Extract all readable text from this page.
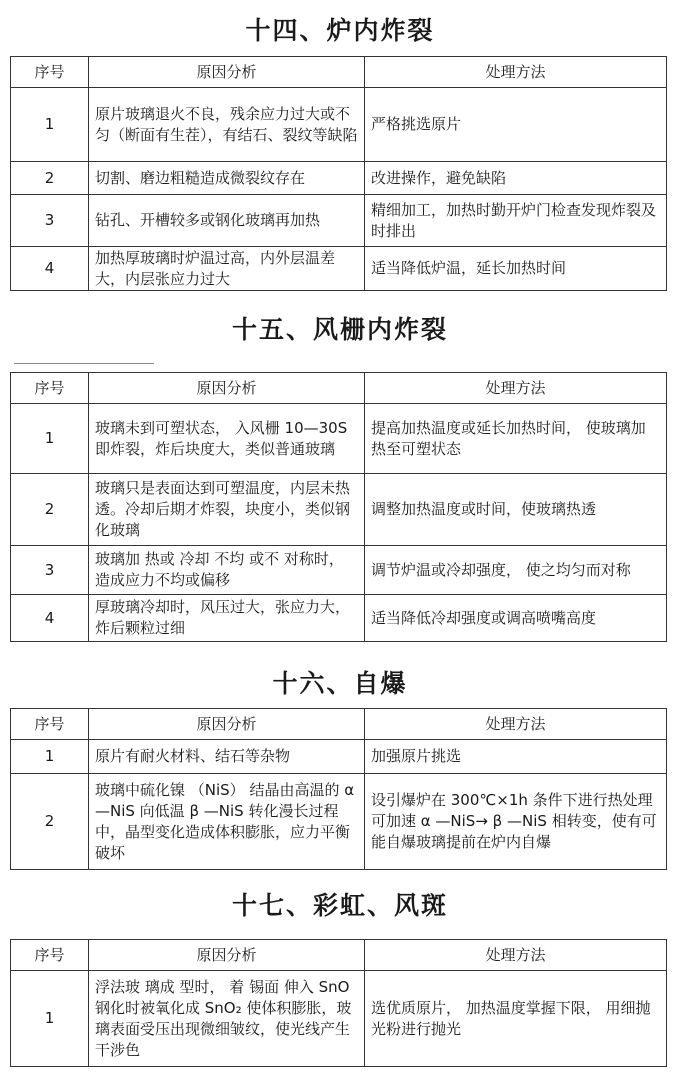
十四、炉内炸裂
序号	原因分析	处理方法
1	原片玻璃退火不良，残余应力过大或不匀（断面有生茬），有结石、裂纹等缺陷	严格挑选原片
2	切割、磨边粗糙造成微裂纹存在	改进操作，避免缺陷
3	钻孔、开槽较多或钢化玻璃再加热	精细加工，加热时勤开炉门检查发现炸裂及时排出
4	加热厚玻璃时炉温过高，内外层温差大，内层张应力过大	适当降低炉温，延长加热时间
十五、风栅内炸裂
序号	原因分析	处理方法
1	玻璃未到可塑状态， 入风栅 10—30S 即炸裂，炸后块度大，类似普通玻璃	提高加热温度或延长加热时间， 使玻璃加热至可塑状态
2	玻璃只是表面达到可塑温度，内层未热透。冷却后期才炸裂，块度小，类似钢化玻璃	调整加热温度或时间，使玻璃热透
3	玻璃加 热或 冷却 不均 或不 对称时，造成应力不均或偏移	调节炉温或冷却强度， 使之均匀而对称
4	厚玻璃冷却时，风压过大，张应力大，炸后颗粒过细	适当降低冷却强度或调高喷嘴高度
十六、自爆
序号	原因分析	处理方法
1	原片有耐火材料、结石等杂物	加强原片挑选
2	玻璃中硫化镍 （NiS） 结晶由高温的 α —NiS 向低温 β —NiS 转化漫长过程中，晶型变化造成体积膨胀，应力平衡破坏	设引爆炉在 300℃×1h 条件下进行热处理可加速 α —NiS→ β —NiS 相转变，使有可能自爆玻璃提前在炉内自爆
十七、彩虹、风斑
序号	原因分析	处理方法
1	浮法玻 璃成 型时， 着 锡面 伸入 SnO 钢化时被氧化成 SnO₂ 使体积膨胀，玻璃表面受压出现微细皱纹，使光线产生干涉色	选优质原片， 加热温度掌握下限， 用细抛光粉进行抛光
